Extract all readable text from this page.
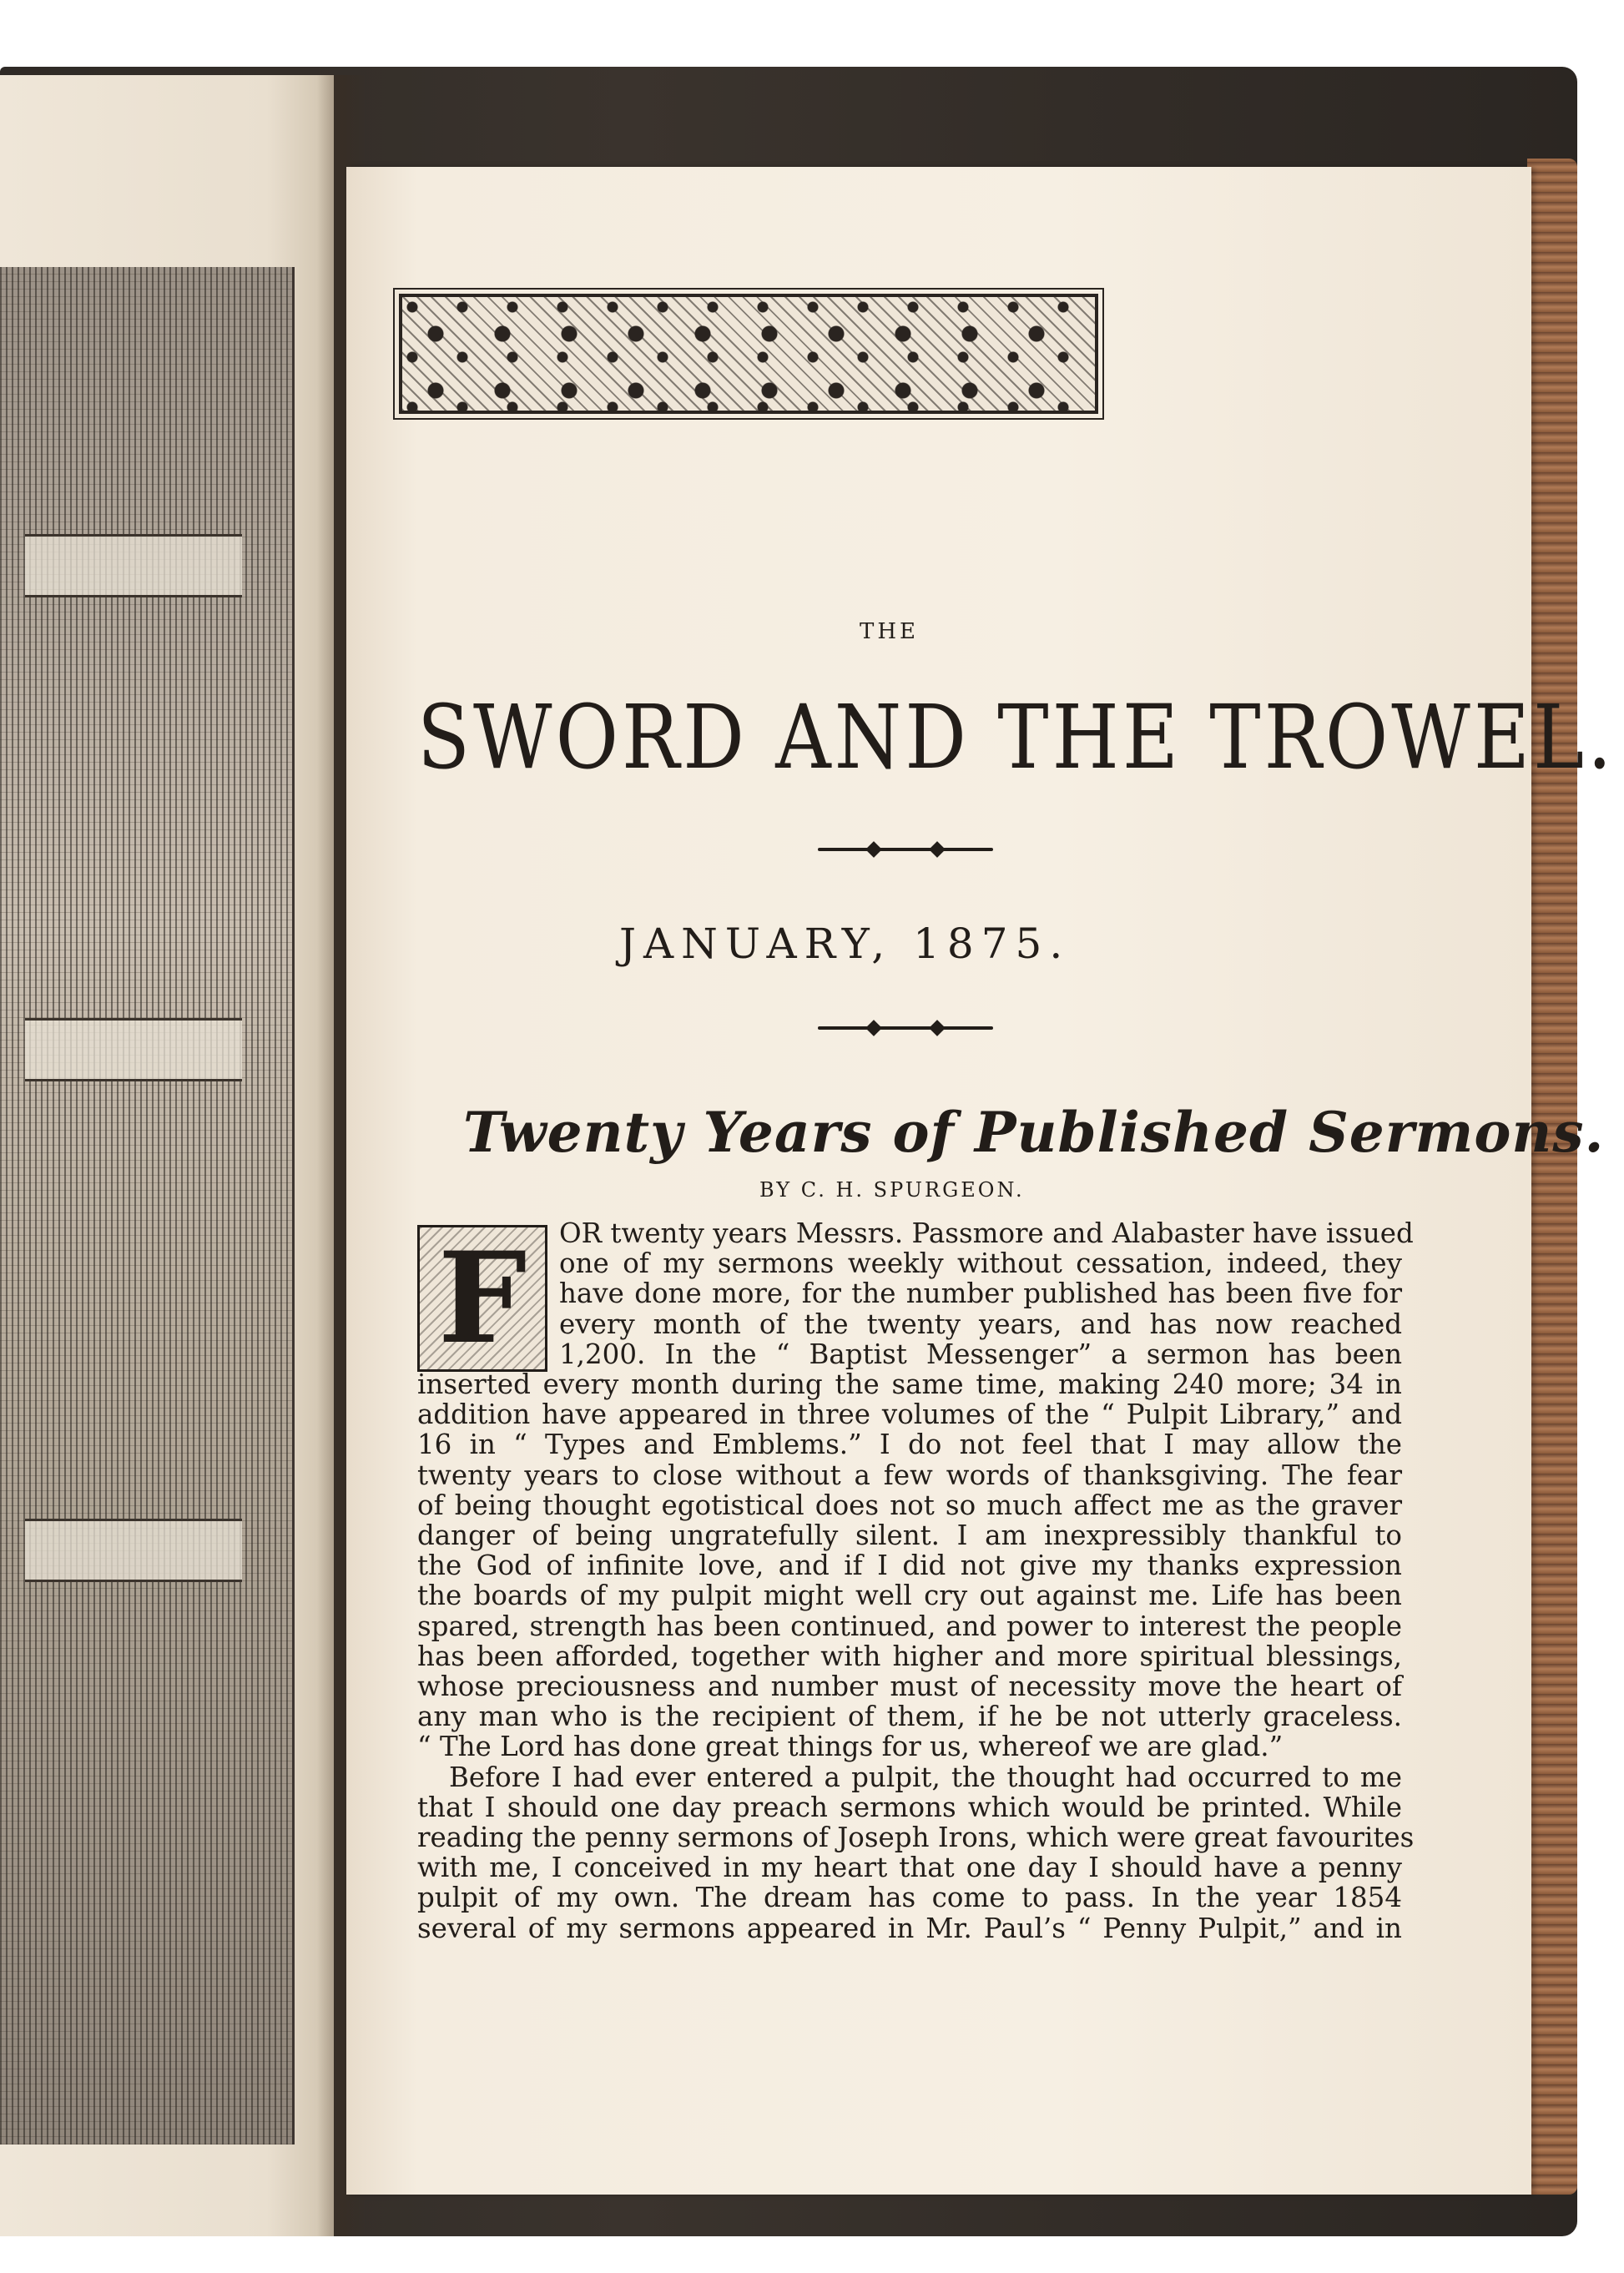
THE
SWORD AND THE TROWEL.
JANUARY, 1875.
Twenty Years of Published Sermons.
BY C. H. SPURGEON.
F	OR twenty years Messrs. Passmore and Alabaster have issued
one of my sermons weekly without cessation, indeed, they
have done more, for the number published has been five for
every month of the twenty years, and has now reached
1,200. In the “ Baptist Messenger” a sermon has been
inserted every month during the same time, making 240 more; 34 in
addition have appeared in three volumes of the “ Pulpit Library,” and
16 in “ Types and Emblems.” I do not feel that I may allow the
twenty years to close without a few words of thanksgiving. The fear
of being thought egotistical does not so much affect me as the graver
danger of being ungratefully silent. I am inexpressibly thankful to
the God of infinite love, and if I did not give my thanks expression
the boards of my pulpit might well cry out against me. Life has been
spared, strength has been continued, and power to interest the people
has been afforded, together with higher and more spiritual blessings,
whose preciousness and number must of necessity move the heart of
any man who is the recipient of them, if he be not utterly graceless.
“ The Lord has done great things for us, whereof we are glad.”
Before I had ever entered a pulpit, the thought had occurred to me
that I should one day preach sermons which would be printed. While
reading the penny sermons of Joseph Irons, which were great favourites
with me, I conceived in my heart that one day I should have a penny
pulpit of my own. The dream has come to pass. In the year 1854
several of my sermons appeared in Mr. Paul’s “ Penny Pulpit,” and in
